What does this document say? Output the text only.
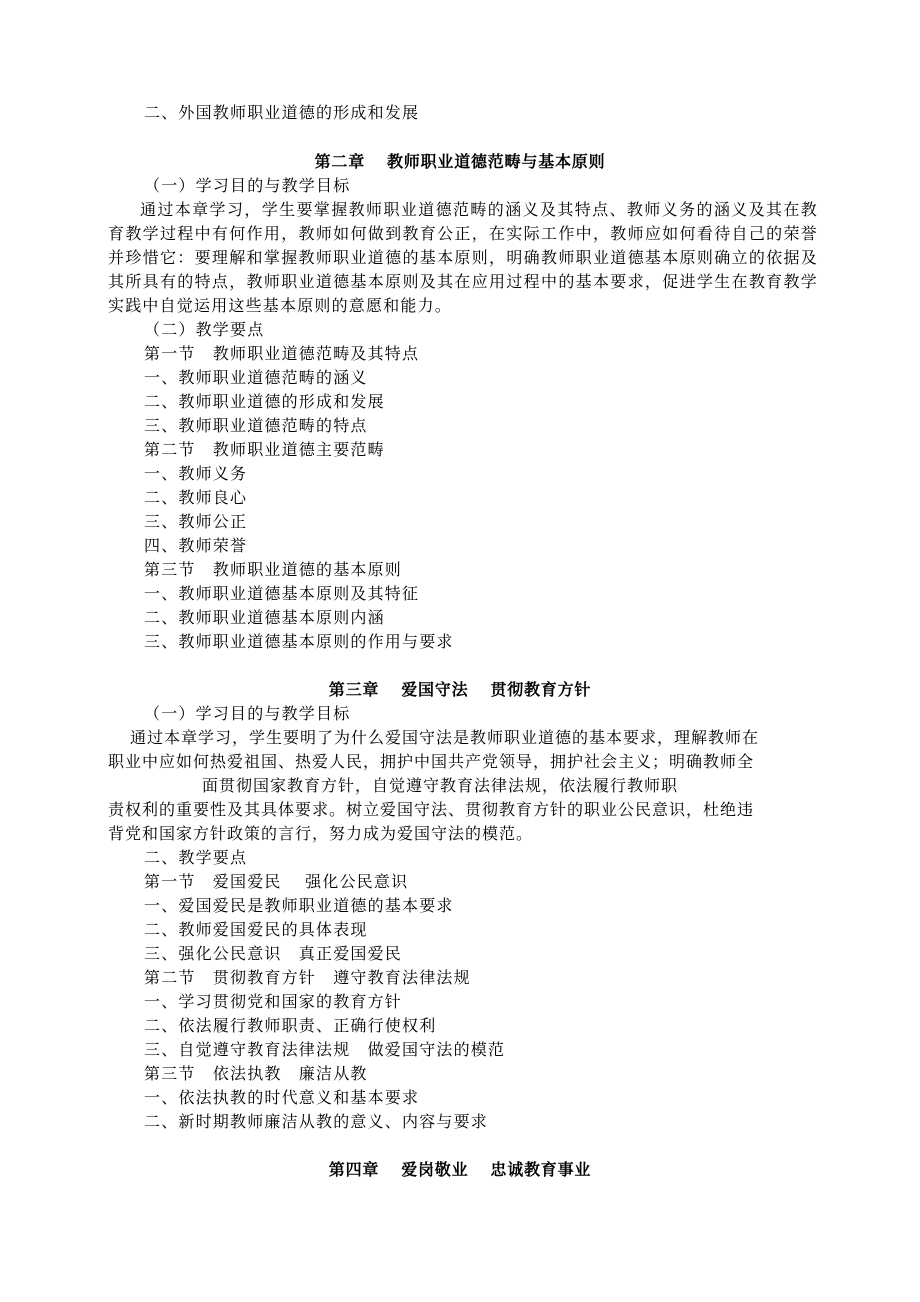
二、外国教师职业道德的形成和发展
第二章 教师职业道德范畴与基本原则
（一）学习目的与教学目标
通过本章学习，学生要掌握教师职业道德范畴的涵义及其特点、教师义务的涵义及其在教育教学过程中有何作用，教师如何做到教育公正，在实际工作中，教师应如何看待自己的荣誉并珍惜它：要理解和掌握教师职业道德的基本原则，明确教师职业道德基本原则确立的依据及其所具有的特点，教师职业道德基本原则及其在应用过程中的基本要求，促进学生在教育教学实践中自觉运用这些基本原则的意愿和能力。
（二）教学要点
第一节　教师职业道德范畴及其特点
一、教师职业道德范畴的涵义
二、教师职业道德的形成和发展
三、教师职业道德范畴的特点
第二节　教师职业道德主要范畴
一、教师义务
二、教师良心
三、教师公正
四、教师荣誉
第三节　教师职业道德的基本原则
一、教师职业道德基本原则及其特征
二、教师职业道德基本原则内涵
三、教师职业道德基本原则的作用与要求
第三章 爱国守法 贯彻教育方针
（一）学习目的与教学目标
通过本章学习，学生要明了为什么爱国守法是教师职业道德的基本要求，理解教师在
职业中应如何热爱祖国、热爱人民，拥护中国共产党领导，拥护社会主义；明确教师全
面贯彻国家教育方针，自觉遵守教育法律法规，依法履行教师职
责权利的重要性及其具体要求。树立爱国守法、贯彻教育方针的职业公民意识，杜绝违
背党和国家方针政策的言行，努力成为爱国守法的模范。
二、教学要点
第一节　爱国爱民　 强化公民意识
一、爱国爱民是教师职业道德的基本要求
二、教师爱国爱民的具体表现
三、强化公民意识　真正爱国爱民
第二节　贯彻教育方针　遵守教育法律法规
一、学习贯彻党和国家的教育方针
二、依法履行教师职责、正确行使权利
三、自觉遵守教育法律法规　做爱国守法的模范
第三节　依法执教　廉洁从教
一、依法执教的时代意义和基本要求
二、新时期教师廉洁从教的意义、内容与要求
第四章 爱岗敬业 忠诚教育事业
